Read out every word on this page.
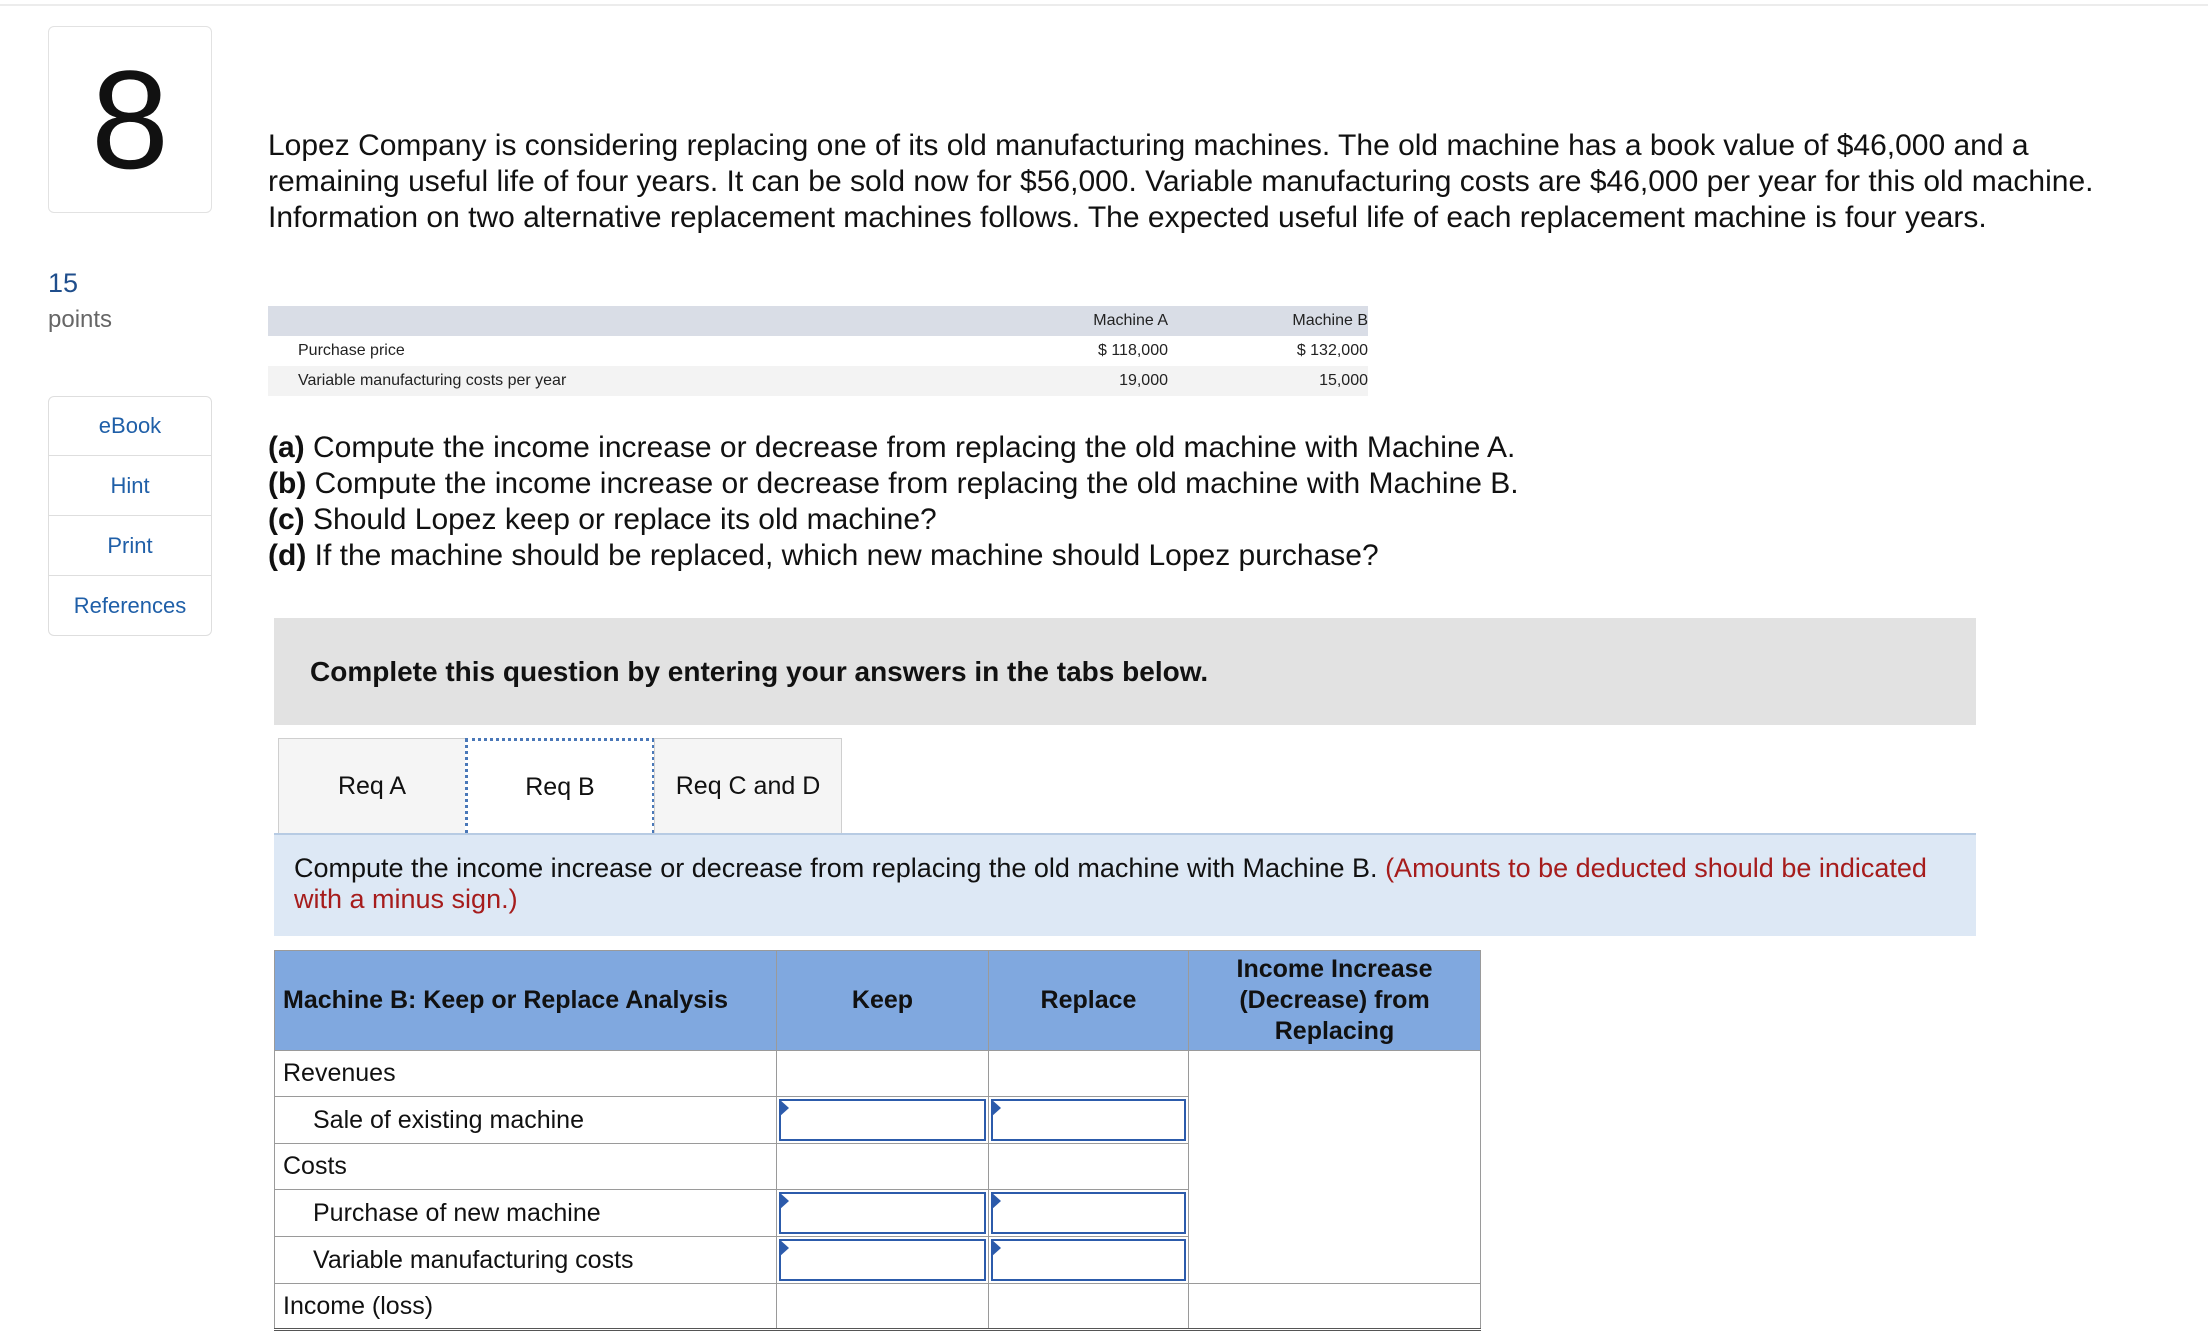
8
15
points
eBook
Hint
Print
References
Lopez Company is considering replacing one of its old manufacturing machines. The old machine has a book value of $46,000 and a remaining useful life of four years. It can be sold now for $56,000. Variable manufacturing costs are $46,000 per year for this old machine. Information on two alternative replacement machines follows. The expected useful life of each replacement machine is four years.
Machine A	Machine B
Purchase price	$ 118,000	$ 132,000
Variable manufacturing costs per year	19,000	15,000
(a) Compute the income increase or decrease from replacing the old machine with Machine A.
(b) Compute the income increase or decrease from replacing the old machine with Machine B.
(c) Should Lopez keep or replace its old machine?
(d) If the machine should be replaced, which new machine should Lopez purchase?
Complete this question by entering your answers in the tabs below.
Req A	Req B	Req C and D
Compute the income increase or decrease from replacing the old machine with Machine B. (Amounts to be deducted should be indicated with a minus sign.)
Machine B: Keep or Replace Analysis	Keep	Replace	Income Increase (Decrease) from Replacing
Revenues			
Sale of existing machine	

Costs			
Purchase of new machine	

Variable manufacturing costs	

Income (loss)			
